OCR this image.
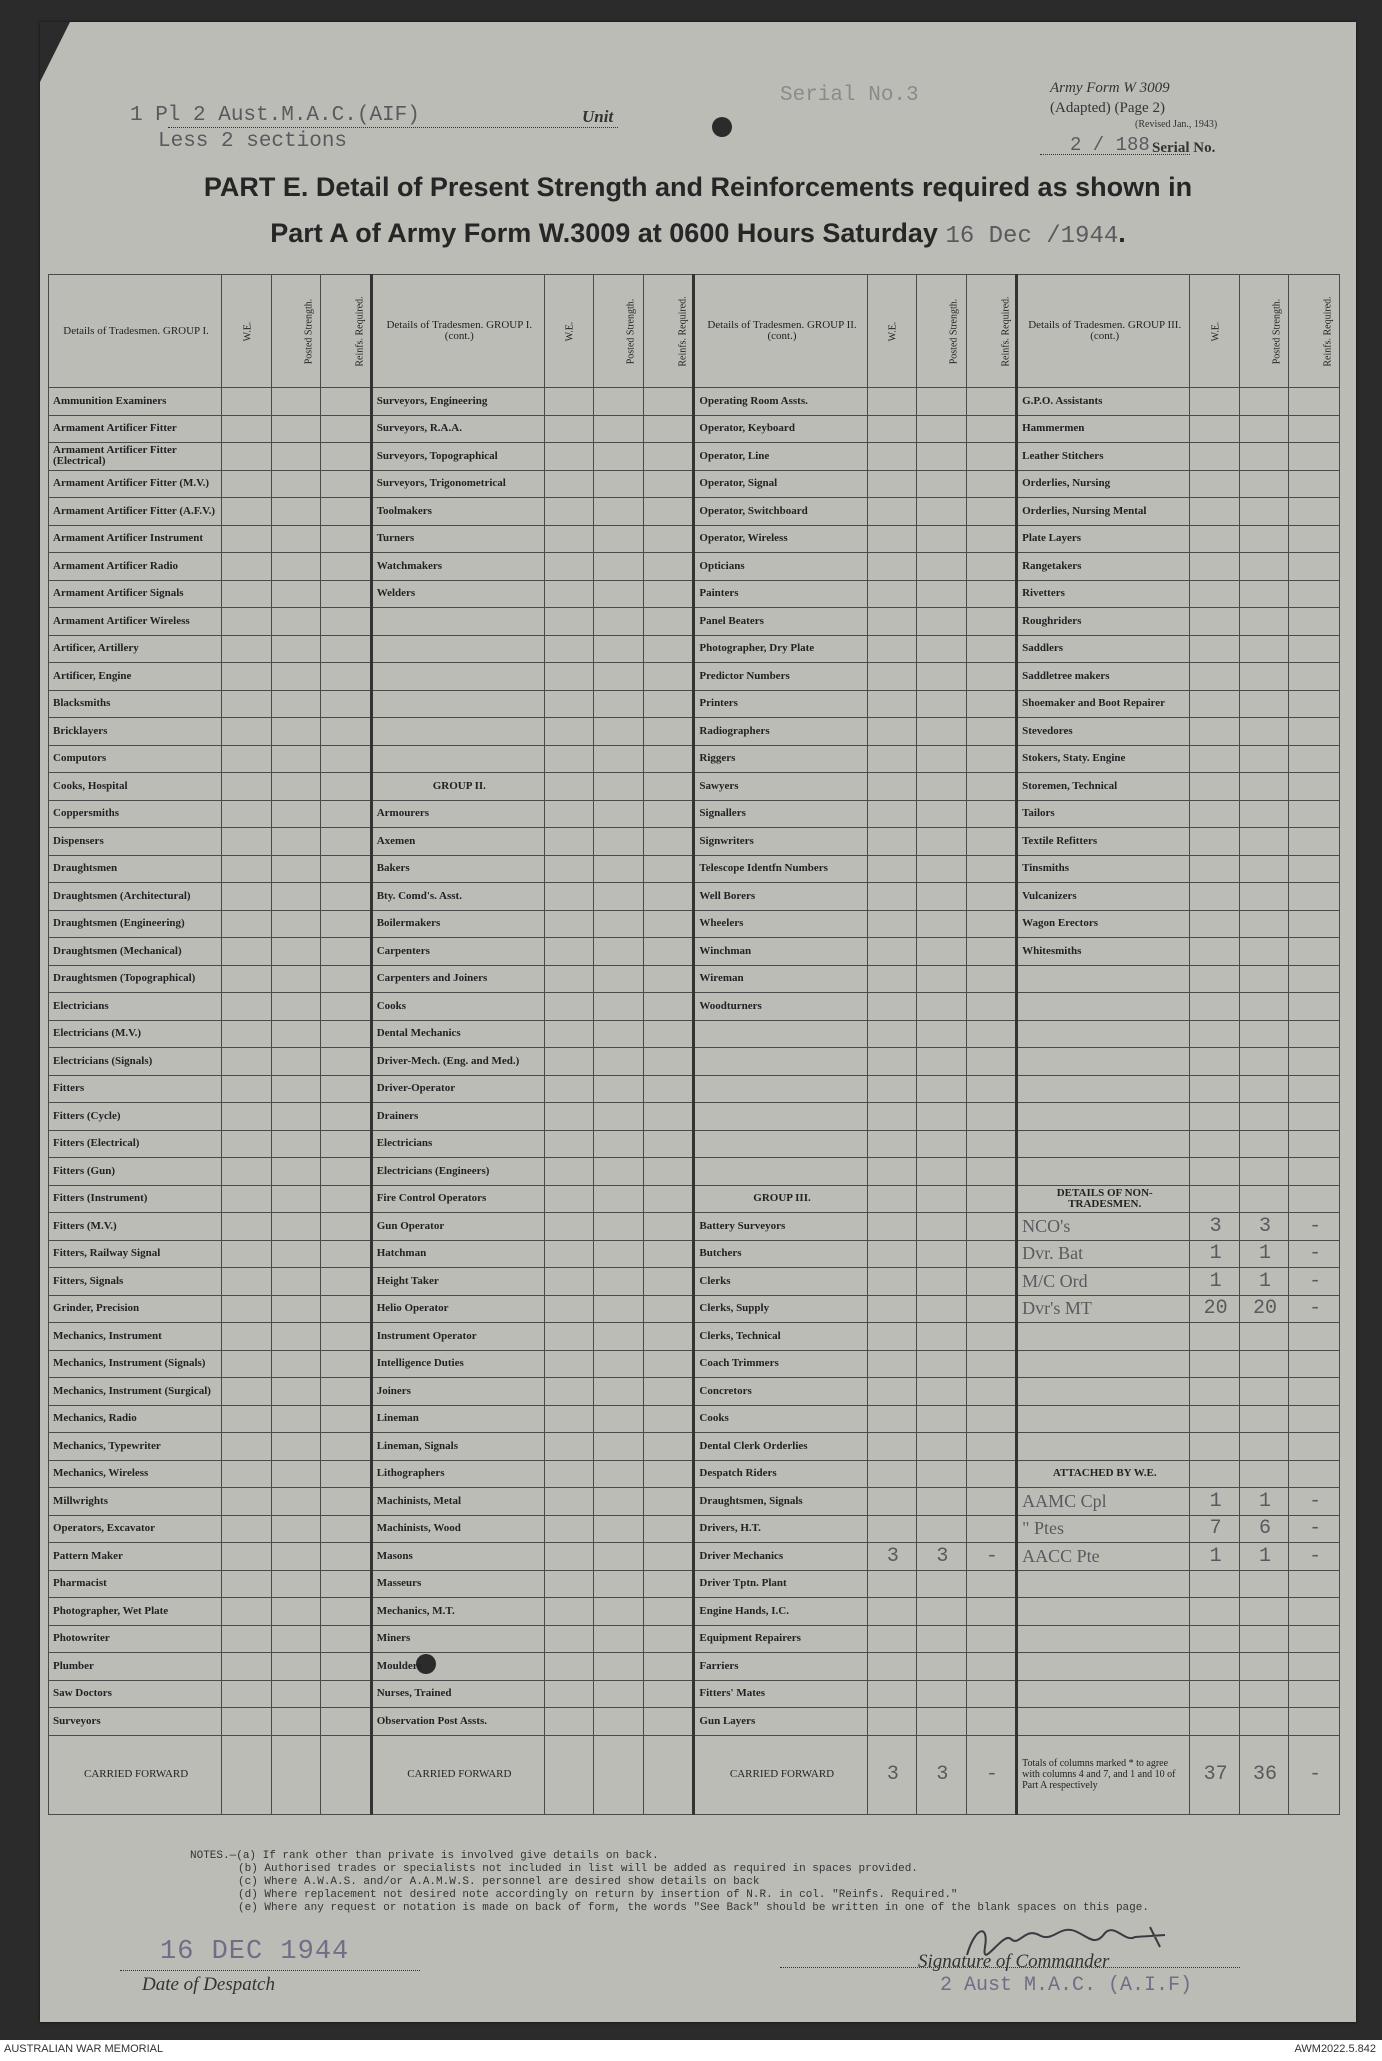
1 Pl 2 Aust.M.A.C.(AIF)	Unit
Less 2 sections
Serial No.3	Army Form W 3009
(Adapted) (Page 2)
(Revised Jan., 1943)
2 / 188 Serial No.
PART E. Detail of Present Strength and Reinforcements required as shown in
Part A of Army Form W.3009 at 0600 Hours Saturday 16 Dec /1944.
Details of Tradesmen. GROUP I.	W.E.	Posted Strength.	Reinfs. Required.	Details of Tradesmen. GROUP I. (cont.)	W.E.	Posted Strength.	Reinfs. Required.	Details of Tradesmen. GROUP II. (cont.)	W.E.	Posted Strength.	Reinfs. Required.	Details of Tradesmen. GROUP III. (cont.)	W.E.	Posted Strength.	Reinfs. Required.
Ammunition Examiners				Surveyors, Engineering				Operating Room Assts.				G.P.O. Assistants			
Armament Artificer Fitter				Surveyors, R.A.A.				Operator, Keyboard				Hammermen			
Armament Artificer Fitter (Electrical)				Surveyors, Topographical				Operator, Line				Leather Stitchers			
Armament Artificer Fitter (M.V.)				Surveyors, Trigonometrical				Operator, Signal				Orderlies, Nursing			
Armament Artificer Fitter (A.F.V.)				Toolmakers				Operator, Switchboard				Orderlies, Nursing Mental			
Armament Artificer Instrument				Turners				Operator, Wireless				Plate Layers			
Armament Artificer Radio				Watchmakers				Opticians				Rangetakers			
Armament Artificer Signals				Welders				Painters				Rivetters			
Armament Artificer Wireless								Panel Beaters				Roughriders			
Artificer, Artillery								Photographer, Dry Plate				Saddlers			
Artificer, Engine								Predictor Numbers				Saddletree makers			
Blacksmiths								Printers				Shoemaker and Boot Repairer			
Bricklayers								Radiographers				Stevedores			
Computors								Riggers				Stokers, Staty. Engine			
Cooks, Hospital				GROUP II.				Sawyers				Storemen, Technical			
Coppersmiths				Armourers				Signallers				Tailors			
Dispensers				Axemen				Signwriters				Textile Refitters			
Draughtsmen				Bakers				Telescope Identfn Numbers				Tinsmiths			
Draughtsmen (Architectural)				Bty. Comd's. Asst.				Well Borers				Vulcanizers			
Draughtsmen (Engineering)				Boilermakers				Wheelers				Wagon Erectors			
Draughtsmen (Mechanical)				Carpenters				Winchman				Whitesmiths			
Draughtsmen (Topographical)				Carpenters and Joiners				Wireman							
Electricians				Cooks				Woodturners							
Electricians (M.V.)				Dental Mechanics											
Electricians (Signals)				Driver-Mech. (Eng. and Med.)											
Fitters				Driver-Operator											
Fitters (Cycle)				Drainers											
Fitters (Electrical)				Electricians											
Fitters (Gun)				Electricians (Engineers)											
Fitters (Instrument)				Fire Control Operators				GROUP III.				DETAILS OF NON-TRADESMEN.			
Fitters (M.V.)				Gun Operator				Battery Surveyors				NCO's	3	3	-
Fitters, Railway Signal				Hatchman				Butchers				Dvr. Bat	1	1	-
Fitters, Signals				Height Taker				Clerks				M/C Ord	1	1	-
Grinder, Precision				Helio Operator				Clerks, Supply				Dvr's MT	20	20	-
Mechanics, Instrument				Instrument Operator				Clerks, Technical							
Mechanics, Instrument (Signals)				Intelligence Duties				Coach Trimmers							
Mechanics, Instrument (Surgical)				Joiners				Concretors							
Mechanics, Radio				Lineman				Cooks							
Mechanics, Typewriter				Lineman, Signals				Dental Clerk Orderlies							
Mechanics, Wireless				Lithographers				Despatch Riders				ATTACHED BY W.E.			
Millwrights				Machinists, Metal				Draughtsmen, Signals				AAMC Cpl	1	1	-
Operators, Excavator				Machinists, Wood				Drivers, H.T.				" Ptes	7	6	-
Pattern Maker				Masons				Driver Mechanics	3	3	-	AACC Pte	1	1	-
Pharmacist				Masseurs				Driver Tptn. Plant							
Photographer, Wet Plate				Mechanics, M.T.				Engine Hands, I.C.							
Photowriter				Miners				Equipment Repairers							
Plumber				Moulders				Farriers							
Saw Doctors				Nurses, Trained				Fitters' Mates							
Surveyors				Observation Post Assts.				Gun Layers							
CARRIED FORWARD				CARRIED FORWARD				CARRIED FORWARD	3	3	-	Totals of columns marked * to agree with columns 4 and 7, and 1 and 10 of Part A respectively	37	36	-
NOTES.—(a) If rank other than private is involved give details on back.
(b) Authorised trades or specialists not included in list will be added as required in spaces provided.
(c) Where A.W.A.S. and/or A.A.M.W.S. personnel are desired show details on back
(d) Where replacement not desired note accordingly on return by insertion of N.R. in col. "Reinfs. Required."
(e) Where any request or notation is made on back of form, the words "See Back" should be written in one of the blank spaces on this page.
16 DEC 1944
Date of Despatch
Signature of Commander
2 Aust M.A.C. (A.I.F)
AUSTRALIAN WAR MEMORIAL	AWM2022.5.842
